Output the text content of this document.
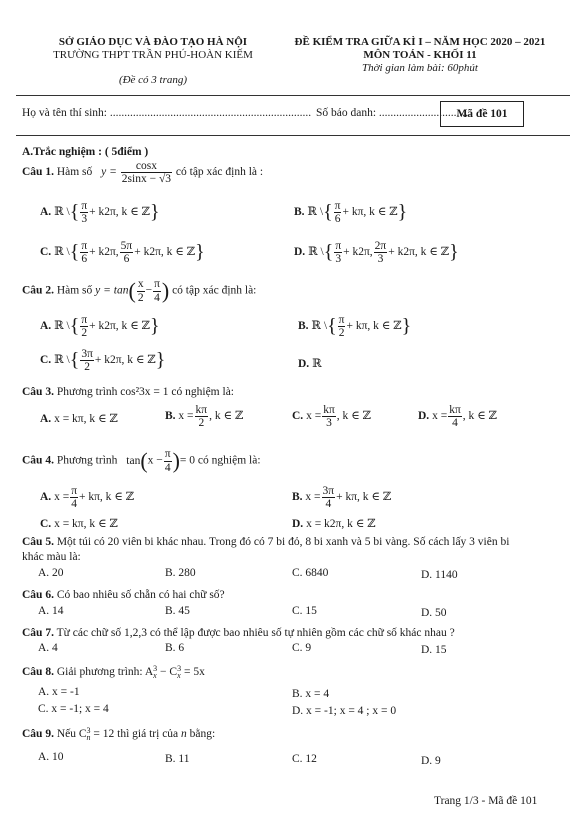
SỞ GIÁO DỤC VÀ ĐÀO TẠO HÀ NỘI
TRƯỜNG THPT TRẦN PHÚ-HOÀN KIẾM
(Đề có 3 trang)
ĐỀ KIỂM TRA GIỮA KÌ I – NĂM HỌC 2020 – 2021
MÔN TOÁN - KHỐI 11
Thời gian làm bài: 60phút
Họ và tên thí sinh: ...................................................................... Số báo danh: ...............................
Mã đề 101
A.Trắc nghiệm : ( 5điểm )
Câu 1. Hàm số $y = \frac{\cos x}{2\sin x - √3}$ có tập xác định là :
A. ℝ \{ $\frac{\pi}{3} + k2\pi$, k ∈ ℤ}	B. ℝ \{ $\frac{\pi}{6} + k\pi$, k ∈ ℤ}
C. ℝ \{ $\frac{\pi}{6} + k2\pi$, $\frac{5\pi}{6} + k2\pi$, k ∈ ℤ}	D. ℝ \{ $\frac{\pi}{3} + k2\pi$, $\frac{2\pi}{3} + k2\pi$, k ∈ ℤ}
Câu 2. Hàm số $y = \tan( \frac{x}{2} - \frac{\pi}{4}$ ) có tập xác định là:
A. ℝ \{ $\frac{\pi}{2} + k2\pi$, k ∈ ℤ}	B. ℝ \{ $\frac{\pi}{2} + k\pi$, k ∈ ℤ}
C. ℝ \{ $\frac{3\pi}{2} + k2\pi$, k ∈ ℤ}	D. ℝ
Câu 3. Phương trình cos²3x = 1 có nghiệm là:
A. x = kπ, k ∈ ℤ	B. $x = \frac{k\pi}{2}$ , k ∈ ℤ	C. $x = \frac{k\pi}{3}$ , k ∈ ℤ	D. $x = \frac{k\pi}{4}$ , k ∈ ℤ
Câu 4. Phương trình $\tan(x - \frac{\pi}{4}$ )= 0 có nghiệm là:
A. $x = \frac{\pi}{4} + k\pi$, k ∈ ℤ	B. $x = \frac{3\pi}{4} + k\pi$, k ∈ ℤ
C. x = kπ, k ∈ ℤ	D. x = k2π, k ∈ ℤ
Câu 5. Một túi có 20 viên bi khác nhau. Trong đó có 7 bi đỏ, 8 bi xanh và 5 bi vàng. Số cách lấy 3 viên bi
khác màu là:
A. 20	B. 280	C. 6840	D. 1140
Câu 6. Có bao nhiêu số chẵn có hai chữ số?
A. 14	B. 45	C. 15	D. 50
Câu 7. Từ các chữ số 1,2,3 có thể lập được bao nhiêu số tự nhiên gồm các chữ số khác nhau ?
A. 4	B. 6	C. 9	D. 15
Câu 8. Giải phương trình: A3
x − C3
x = 5x
A. x = -1	B. x = 4
C. x = -1; x = 4	D. x = -1; x = 4 ; x = 0
Câu 9. Nếu C3
n = 12 thì giá trị của n bằng:
A. 10	B. 11	C. 12	D. 9
Trang 1/3 - Mã đề 101
